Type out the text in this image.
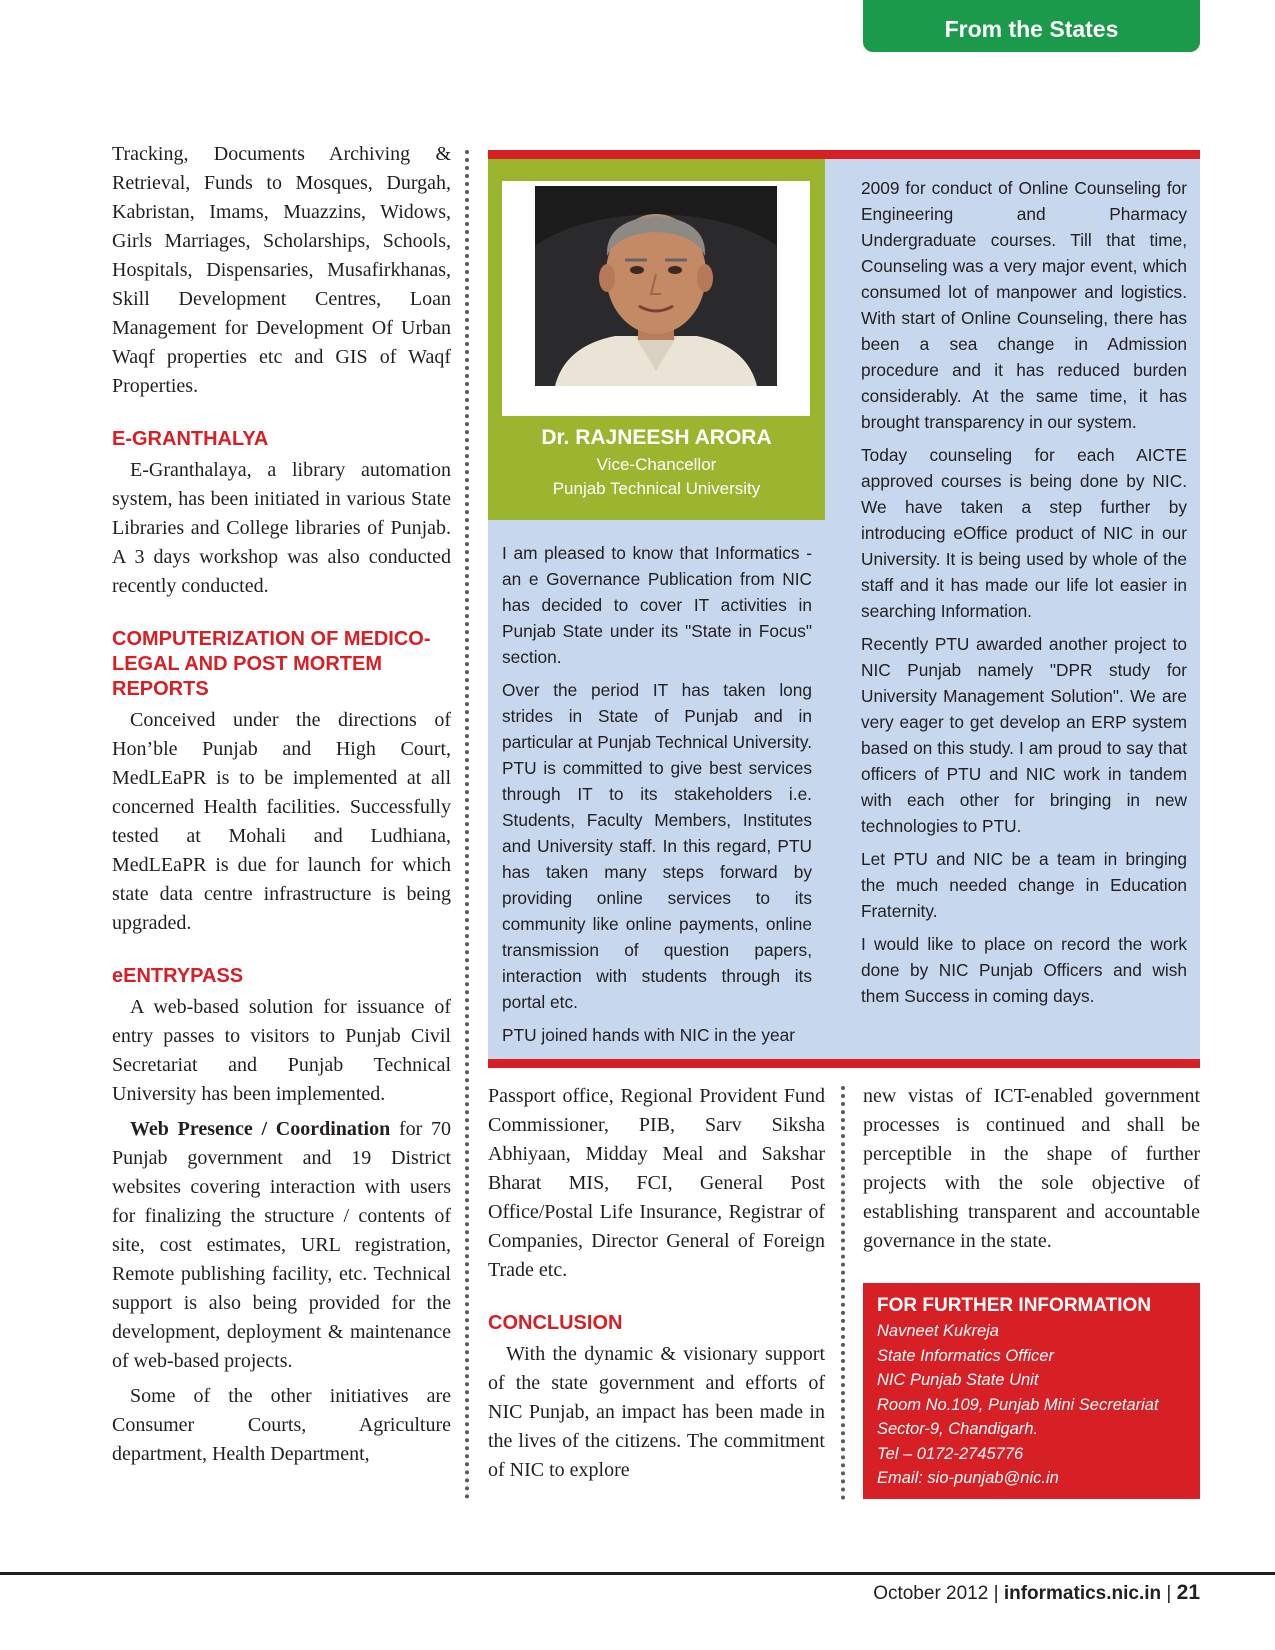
From the States

Tracking, Documents Archiving & Retrieval, Funds to Mosques, Durgah, Kabristan, Imams, Muazzins, Widows, Girls Marriages, Scholarships, Schools, Hospitals, Dispensaries, Musafirkhanas, Skill Development Centres, Loan Management for Development Of Urban Waqf properties etc and GIS of Waqf Properties.

E-GRANTHALYA

E-Granthalaya, a library automation system, has been initiated in various State Libraries and College libraries of Punjab. A 3 days workshop was also conducted recently conducted.

COMPUTERIZATION OF MEDICO-LEGAL AND POST MORTEM REPORTS

Conceived under the directions of Hon’ble Punjab and High Court, MedLEaPR is to be implemented at all concerned Health facilities. Successfully tested at Mohali and Ludhiana, MedLEaPR is due for launch for which state data centre infrastructure is being upgraded.

eENTRYPASS

A web-based solution for issuance of entry passes to visitors to Punjab Civil Secretariat and Punjab Technical University has been implemented.

Web Presence / Coordination for 70 Punjab government and 19 District websites covering interaction with users for finalizing the structure / contents of site, cost estimates, URL registration, Remote publishing facility, etc. Technical support is also being provided for the development, deployment & maintenance of web-based projects.

Some of the other initiatives are Consumer Courts, Agriculture department, Health Department,

Dr. RAJNEESH ARORA
Vice-Chancellor
Punjab Technical University

I am pleased to know that Informatics - an e Governance Publication from NIC has decided to cover IT activities in Punjab State under its "State in Focus" section.

Over the period IT has taken long strides in State of Punjab and in particular at Punjab Technical University. PTU is committed to give best services through IT to its stakeholders i.e. Students, Faculty Members, Institutes and University staff. In this regard, PTU has taken many steps forward by providing online services to its community like online payments, online transmission of question papers, interaction with students through its portal etc.

PTU joined hands with NIC in the year

2009 for conduct of Online Counseling for Engineering and Pharmacy Undergraduate courses. Till that time, Counseling was a very major event, which consumed lot of manpower and logistics. With start of Online Counseling, there has been a sea change in Admission procedure and it has reduced burden considerably. At the same time, it has brought transparency in our system.

Today counseling for each AICTE approved courses is being done by NIC. We have taken a step further by introducing eOffice product of NIC in our University. It is being used by whole of the staff and it has made our life lot easier in searching Information.

Recently PTU awarded another project to NIC Punjab namely "DPR study for University Management Solution". We are very eager to get develop an ERP system based on this study. I am proud to say that officers of PTU and NIC work in tandem with each other for bringing in new technologies to PTU.

Let PTU and NIC be a team in bringing the much needed change in Education Fraternity.

I would like to place on record the work done by NIC Punjab Officers and wish them Success in coming days.

Passport office, Regional Provident Fund Commissioner, PIB, Sarv Siksha Abhiyaan, Midday Meal and Sakshar Bharat MIS, FCI, General Post Office/Postal Life Insurance, Registrar of Companies, Director General of Foreign Trade etc.

CONCLUSION

With the dynamic & visionary support of the state government and efforts of NIC Punjab, an impact has been made in the lives of the citizens. The commitment of NIC to explore

new vistas of ICT-enabled government processes is continued and shall be perceptible in the shape of further projects with the sole objective of establishing transparent and accountable governance in the state.

FOR FURTHER INFORMATION
Navneet Kukreja
State Informatics Officer
NIC Punjab State Unit
Room No.109, Punjab Mini Secretariat
Sector-9, Chandigarh.
Tel – 0172-2745776
Email: sio-punjab@nic.in
October 2012 | informatics.nic.in | 21
